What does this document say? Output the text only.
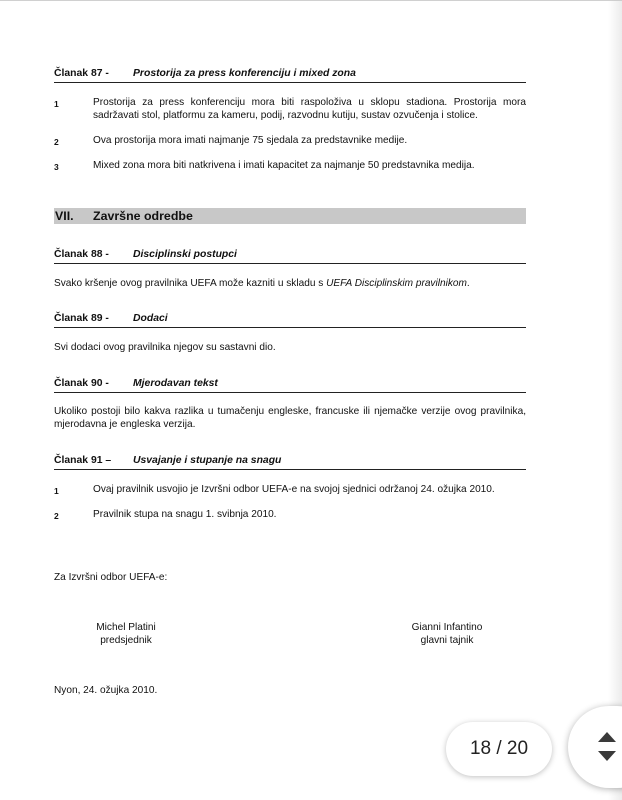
Članak 87 - Prostorija za press konferenciju i mixed zona
1	Prostorija za press konferenciju mora biti raspoloživa u sklopu stadiona. Prostorija mora sadržavati stol, platformu za kameru, podij, razvodnu kutiju, sustav ozvučenja i stolice.
2	Ova prostorija mora imati najmanje 75 sjedala za predstavnike medije.
3	Mixed zona mora biti natkrivena i imati kapacitet za najmanje 50 predstavnika medija.
VII. Završne odredbe
Članak 88 - Disciplinski postupci
Svako kršenje ovog pravilnika UEFA može kazniti u skladu s UEFA Disciplinskim pravilnikom.
Članak 89 - Dodaci
Svi dodaci ovog pravilnika njegov su sastavni dio.
Članak 90 - Mjerodavan tekst
Ukoliko postoji bilo kakva razlika u tumačenju engleske, francuske ili njemačke verzije ovog pravilnika, mjerodavna je engleska verzija.
Članak 91 – Usvajanje i stupanje na snagu
1	Ovaj pravilnik usvojio je Izvršni odbor UEFA-e na svojoj sjednici održanoj 24. ožujka 2010.
2	Pravilnik stupa na snagu 1. svibnja 2010.
Za Izvršni odbor UEFA-e:
Michel Platini
predsjednik
Gianni Infantino
glavni tajnik
Nyon, 24. ožujka 2010.
18 / 20
